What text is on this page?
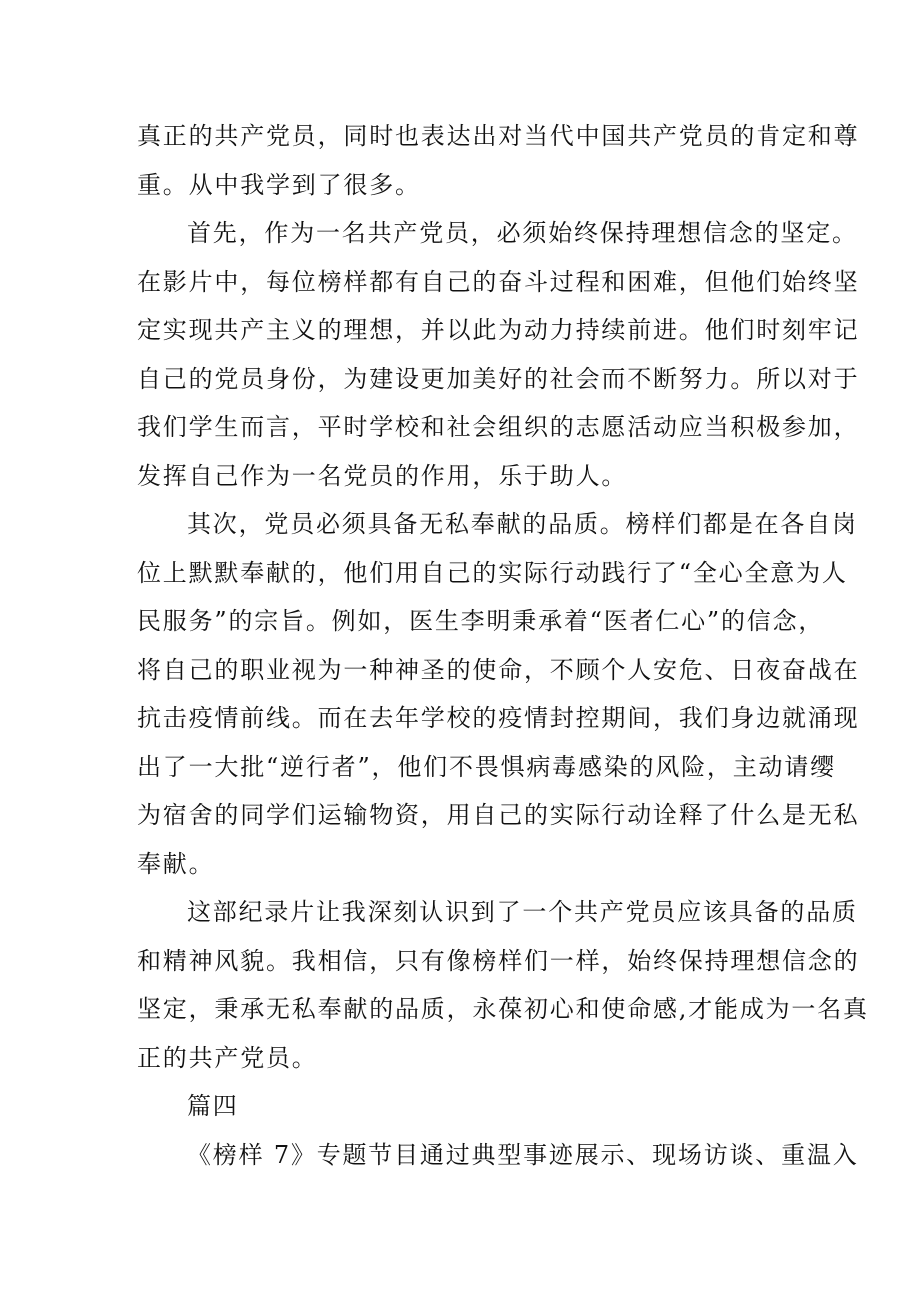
真正的共产党员，同时也表达出对当代中国共产党员的肯定和尊
重。从中我学到了很多。
首先，作为一名共产党员，必须始终保持理想信念的坚定。
在影片中，每位榜样都有自己的奋斗过程和困难，但他们始终坚
定实现共产主义的理想，并以此为动力持续前进。他们时刻牢记
自己的党员身份，为建设更加美好的社会而不断努力。所以对于
我们学生而言，平时学校和社会组织的志愿活动应当积极参加，
发挥自己作为一名党员的作用，乐于助人。
其次，党员必须具备无私奉献的品质。榜样们都是在各自岗
位上默默奉献的，他们用自己的实际行动践行了“全心全意为人
民服务”的宗旨。例如，医生李明秉承着“医者仁心”的信念，
将自己的职业视为一种神圣的使命，不顾个人安危、日夜奋战在
抗击疫情前线。而在去年学校的疫情封控期间，我们身边就涌现
出了一大批“逆行者”，他们不畏惧病毒感染的风险，主动请缨
为宿舍的同学们运输物资，用自己的实际行动诠释了什么是无私
奉献。
这部纪录片让我深刻认识到了一个共产党员应该具备的品质
和精神风貌。我相信，只有像榜样们一样，始终保持理想信念的
坚定，秉承无私奉献的品质，永葆初心和使命感,才能成为一名真
正的共产党员。
篇四
《榜样 7》专题节目通过典型事迹展示、现场访谈、重温入
